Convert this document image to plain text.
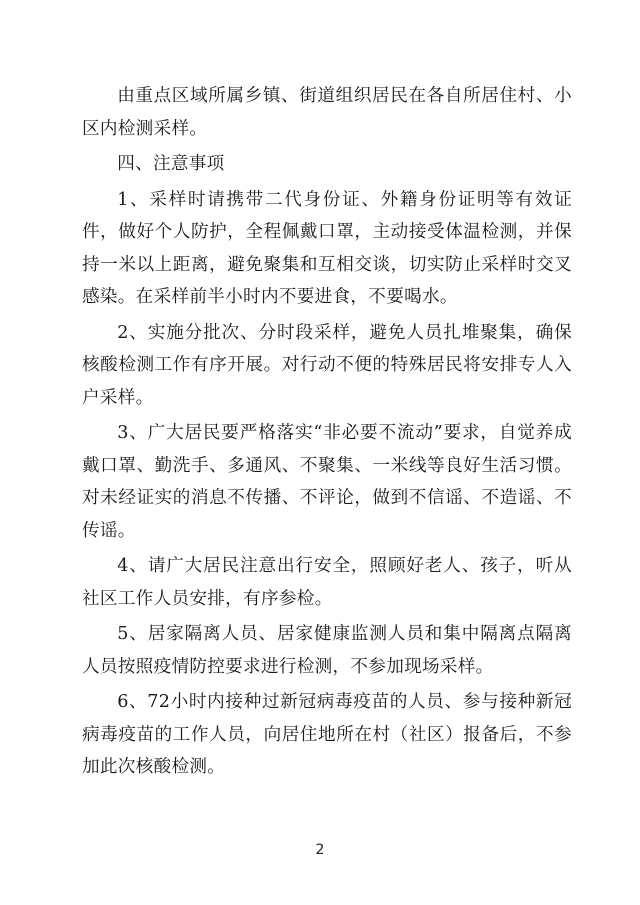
由重点区域所属乡镇、街道组织居民在各自所居住村、小区内检测采样。

四、注意事项

1、采样时请携带二代身份证、外籍身份证明等有效证件，做好个人防护，全程佩戴口罩，主动接受体温检测，并保持一米以上距离，避免聚集和互相交谈，切实防止采样时交叉感染。在采样前半小时内不要进食，不要喝水。

2、实施分批次、分时段采样，避免人员扎堆聚集，确保核酸检测工作有序开展。对行动不便的特殊居民将安排专人入户采样。

3、广大居民要严格落实“非必要不流动”要求，自觉养成戴口罩、勤洗手、多通风、不聚集、一米线等良好生活习惯。对未经证实的消息不传播、不评论，做到不信谣、不造谣、不传谣。

4、请广大居民注意出行安全，照顾好老人、孩子，听从社区工作人员安排，有序参检。

5、居家隔离人员、居家健康监测人员和集中隔离点隔离人员按照疫情防控要求进行检测，不参加现场采样。

6、72小时内接种过新冠病毒疫苗的人员、参与接种新冠病毒疫苗的工作人员，向居住地所在村（社区）报备后，不参加此次核酸检测。

2
